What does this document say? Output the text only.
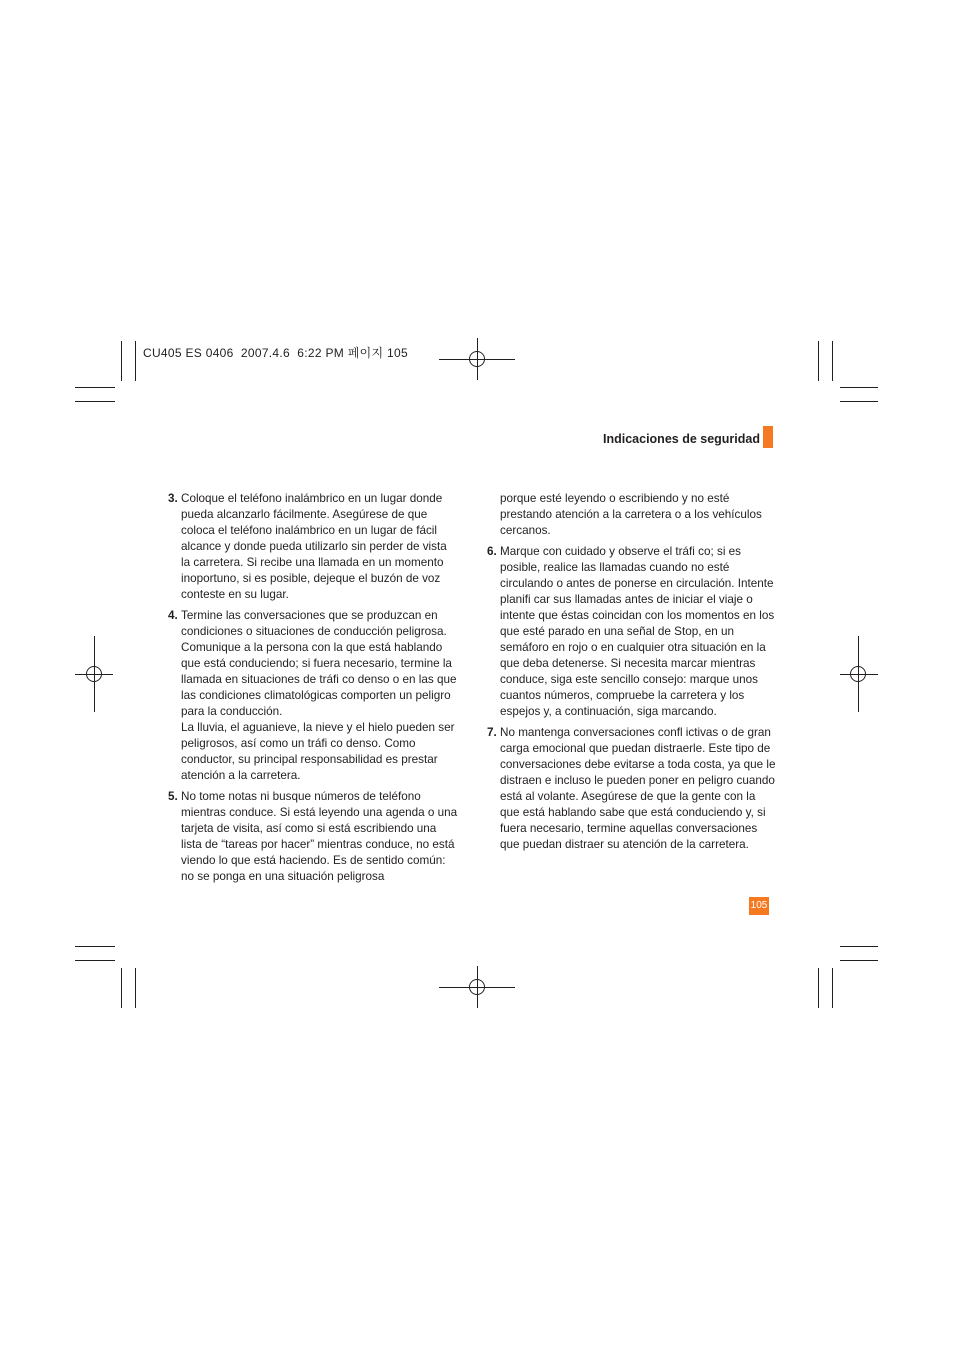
CU405 ES 0406  2007.4.6  6:22 PM 페이지 105
Indicaciones de seguridad
3. Coloque el teléfono inalámbrico en un lugar donde pueda alcanzarlo fácilmente. Asegúrese de que coloca el teléfono inalámbrico en un lugar de fácil alcance y donde pueda utilizarlo sin perder de vista la carretera. Si recibe una llamada en un momento inoportuno, si es posible, dejeque el buzón de voz conteste en su lugar.
4. Termine las conversaciones que se produzcan en condiciones o situaciones de conducción peligrosa. Comunique a la persona con la que está hablando que está conduciendo; si fuera necesario, termine la llamada en situaciones de tráfi co denso o en las que las condiciones climatológicas comporten un peligro para la conducción.
La lluvia, el aguanieve, la nieve y el hielo pueden ser peligrosos, así como un tráfi co denso. Como conductor, su principal responsabilidad es prestar atención a la carretera.
5. No tome notas ni busque números de teléfono mientras conduce. Si está leyendo una agenda o una tarjeta de visita, así como si está escribiendo una lista de “tareas por hacer” mientras conduce, no está viendo lo que está haciendo. Es de sentido común: no se ponga en una situación peligrosa
porque esté leyendo o escribiendo y no esté prestando atención a la carretera o a los vehículos cercanos.
6. Marque con cuidado y observe el tráfi co; si es posible, realice las llamadas cuando no esté circulando o antes de ponerse en circulación. Intente planifi car sus llamadas antes de iniciar el viaje o intente que éstas coincidan con los momentos en los que esté parado en una señal de Stop, en un semáforo en rojo o en cualquier otra situación en la que deba detenerse. Si necesita marcar mientras conduce, siga este sencillo consejo: marque unos cuantos números, compruebe la carretera y los espejos y, a continuación, siga marcando.
7. No mantenga conversaciones confl ictivas o de gran carga emocional que puedan distraerle. Este tipo de conversaciones debe evitarse a toda costa, ya que le distraen e incluso le pueden poner en peligro cuando está al volante. Asegúrese de que la gente con la que está hablando sabe que está conduciendo y, si fuera necesario, termine aquellas conversaciones que puedan distraer su atención de la carretera.
105
